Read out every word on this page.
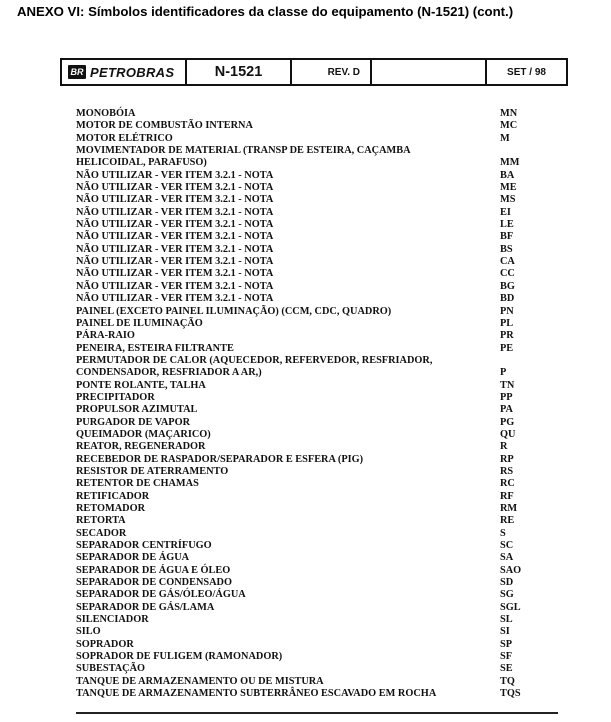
ANEXO VI: Símbolos identificadores da classe do equipamento (N-1521) (cont.)
BR PETROBRAS	N-1521	REV. D	SET / 98
MONOBÓIA	MN
MOTOR DE COMBUSTÃO INTERNA	MC
MOTOR ELÉTRICO	M
MOVIMENTADOR DE MATERIAL (TRANSP DE ESTEIRA, CAÇAMBA
HELICOIDAL, PARAFUSO)	MM
NÃO UTILIZAR - VER ITEM 3.2.1 - NOTA	BA
NÃO UTILIZAR - VER ITEM 3.2.1 - NOTA	ME
NÃO UTILIZAR - VER ITEM 3.2.1 - NOTA	MS
NÃO UTILIZAR - VER ITEM 3.2.1 - NOTA	EI
NÃO UTILIZAR - VER ITEM 3.2.1 - NOTA	LE
NÃO UTILIZAR - VER ITEM 3.2.1 - NOTA	BF
NÃO UTILIZAR - VER ITEM 3.2.1 - NOTA	BS
NÃO UTILIZAR - VER ITEM 3.2.1 - NOTA	CA
NÃO UTILIZAR - VER ITEM 3.2.1 - NOTA	CC
NÃO UTILIZAR - VER ITEM 3.2.1 - NOTA	BG
NÃO UTILIZAR - VER ITEM 3.2.1 - NOTA	BD
PAINEL (EXCETO PAINEL ILUMINAÇÃO) (CCM, CDC, QUADRO)	PN
PAINEL DE ILUMINAÇÃO	PL
PÁRA-RAIO	PR
PENEIRA, ESTEIRA FILTRANTE	PE
PERMUTADOR DE CALOR (AQUECEDOR, REFERVEDOR, RESFRIADOR,
CONDENSADOR, RESFRIADOR A AR,)	P
PONTE ROLANTE, TALHA	TN
PRECIPITADOR	PP
PROPULSOR AZIMUTAL	PA
PURGADOR DE VAPOR	PG
QUEIMADOR (MAÇARICO)	QU
REATOR, REGENERADOR	R
RECEBEDOR DE RASPADOR/SEPARADOR E ESFERA (PIG)	RP
RESISTOR DE ATERRAMENTO	RS
RETENTOR DE CHAMAS	RC
RETIFICADOR	RF
RETOMADOR	RM
RETORTA	RE
SECADOR	S
SEPARADOR CENTRÍFUGO	SC
SEPARADOR DE ÁGUA	SA
SEPARADOR DE ÁGUA E ÓLEO	SAO
SEPARADOR DE CONDENSADO	SD
SEPARADOR DE GÁS/ÓLEO/ÁGUA	SG
SEPARADOR DE GÁS/LAMA	SGL
SILENCIADOR	SL
SILO	SI
SOPRADOR	SP
SOPRADOR DE FULIGEM (RAMONADOR)	SF
SUBESTAÇÃO	SE
TANQUE DE ARMAZENAMENTO OU DE MISTURA	TQ
TANQUE DE ARMAZENAMENTO SUBTERRÂNEO ESCAVADO EM ROCHA	TQS
